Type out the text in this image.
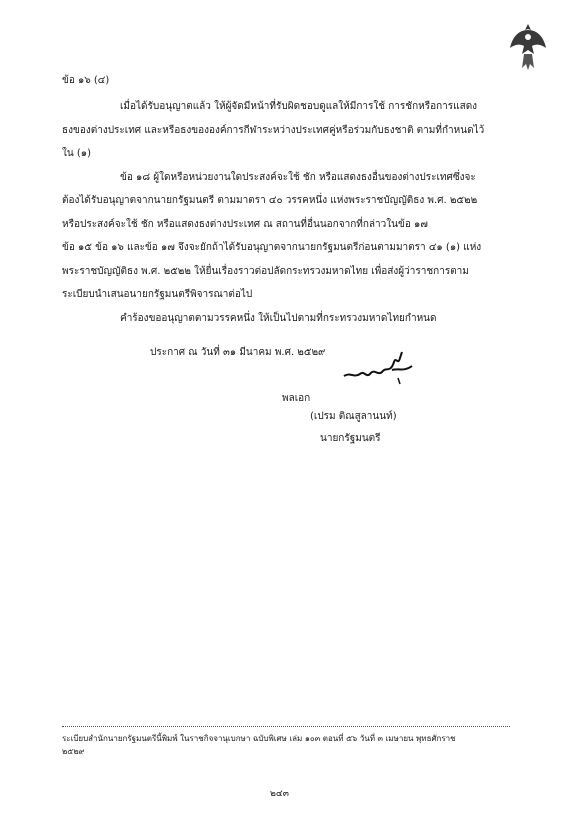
ข้อ ๑๖ (๔)
เมื่อได้รับอนุญาตแล้ว ให้ผู้จัดมีหน้าที่รับผิดชอบดูแลให้มีการใช้ การชักหรือการแสดง
ธงของต่างประเทศ และหรือธงขององค์การกีฬาระหว่างประเทศคู่หรือร่วมกับธงชาติ ตามที่กำหนดไว้
ใน (๑)
ข้อ ๑๘ ผู้ใดหรือหน่วยงานใดประสงค์จะใช้ ชัก หรือแสดงธงอื่นของต่างประเทศซึ่งจะ
ต้องได้รับอนุญาตจากนายกรัฐมนตรี ตามมาตรา ๔๐ วรรคหนึ่ง แห่งพระราชบัญญัติธง พ.ศ. ๒๕๒๒
หรือประสงค์จะใช้ ชัก หรือแสดงธงต่างประเทศ ณ สถานที่อื่นนอกจากที่กล่าวในข้อ ๑๗
ข้อ ๑๕ ข้อ ๑๖ และข้อ ๑๗ จึงจะยักถ้าได้รับอนุญาตจากนายกรัฐมนตรีก่อนตามมาตรา ๔๑ (๑) แห่ง
พระราชบัญญัติธง พ.ศ. ๒๕๒๒ ให้ยื่นเรื่องราวต่อปลัดกระทรวงมหาดไทย เพื่อส่งผู้ว่าราชการตาม
ระเบียบนำเสนอนายกรัฐมนตรีพิจารณาต่อไป
คำร้องขออนุญาตตามวรรคหนึ่ง ให้เป็นไปตามที่กระทรวงมหาดไทยกำหนด
ประกาศ ณ วันที่ ๓๑ มีนาคม พ.ศ. ๒๕๒๙
พลเอก
(เปรม ติณสูลานนท์)
นายกรัฐมนตรี
ระเบียบสำนักนายกรัฐมนตรีนี้พิมพ์ ในราชกิจจานุเบกษา ฉบับพิเศษ เล่ม ๑๐๓ ตอนที่ ๕๖ วันที่ ๓ เมษายน พุทธศักราช
๒๕๒๙
๒๔๓
